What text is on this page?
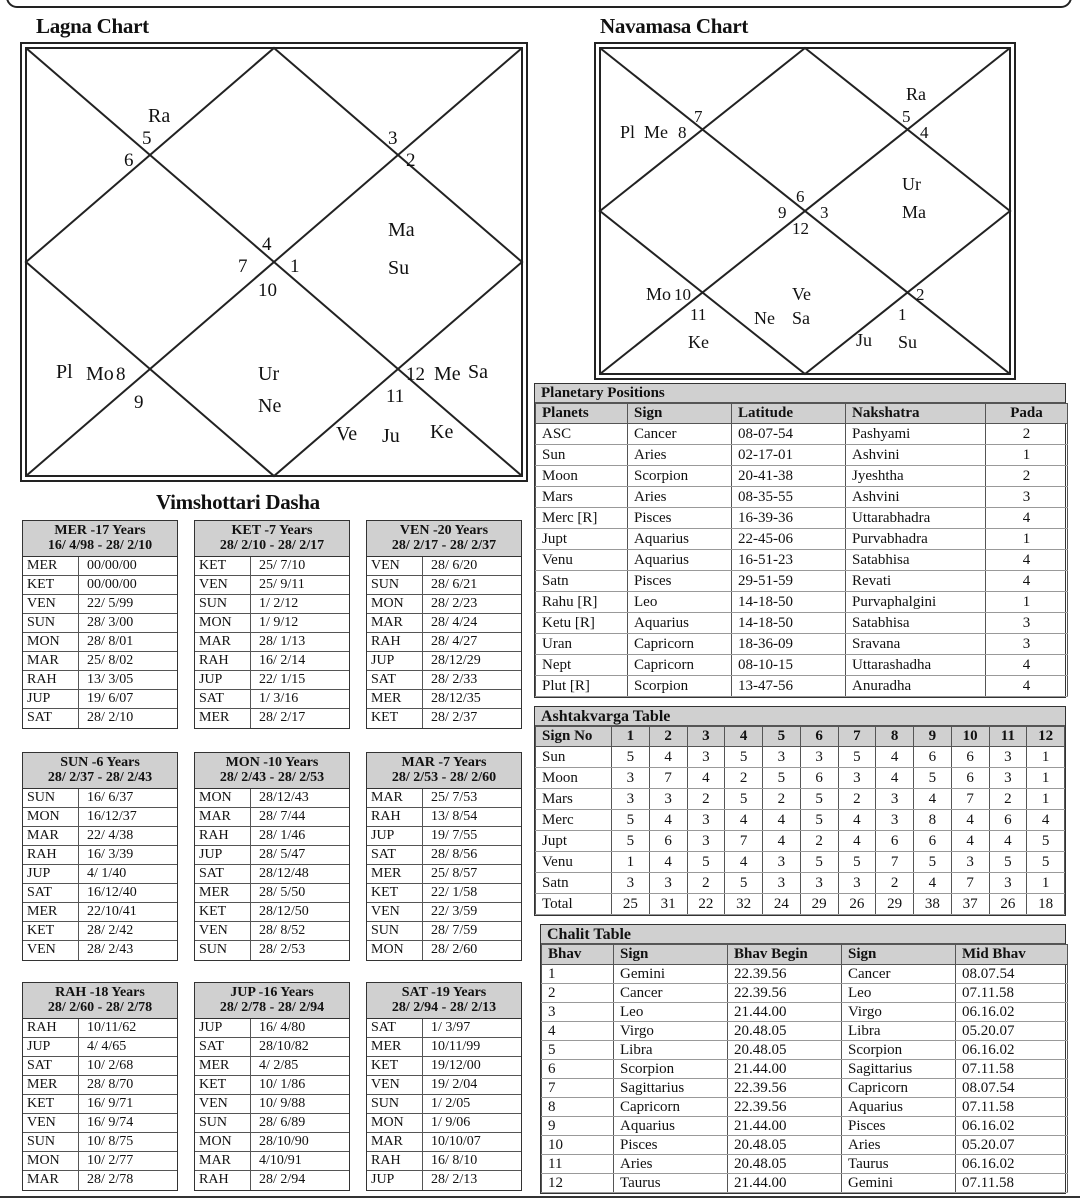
Lagna Chart
Ra
5
6
3
2
Ma
Su
4
7 1
10
Pl Mo 8
9
Ur
Ne
12 Me Sa
11
Ve Ju Ke
Navamasa Chart
Pl Me 8
7
Ra
5
4
Ur
Ma
6
9 3
12
Mo 10
11
Ke
Ve
Ne Sa
2
1
Ju Su
Vimshottari Dasha
MER -17 Years
16/ 4/98 - 28/ 2/10
MER	00/00/00
KET	00/00/00
VEN	22/ 5/99
SUN	28/ 3/00
MON	28/ 8/01
MAR	25/ 8/02
RAH	13/ 3/05
JUP	19/ 6/07
SAT	28/ 2/10
KET -7 Years
28/ 2/10 - 28/ 2/17
KET	25/ 7/10
VEN	25/ 9/11
SUN	1/ 2/12
MON	1/ 9/12
MAR	28/ 1/13
RAH	16/ 2/14
JUP	22/ 1/15
SAT	1/ 3/16
MER	28/ 2/17
VEN -20 Years
28/ 2/17 - 28/ 2/37
VEN	28/ 6/20
SUN	28/ 6/21
MON	28/ 2/23
MAR	28/ 4/24
RAH	28/ 4/27
JUP	28/12/29
SAT	28/ 2/33
MER	28/12/35
KET	28/ 2/37
SUN -6 Years
28/ 2/37 - 28/ 2/43
SUN	16/ 6/37
MON	16/12/37
MAR	22/ 4/38
RAH	16/ 3/39
JUP	4/ 1/40
SAT	16/12/40
MER	22/10/41
KET	28/ 2/42
VEN	28/ 2/43
MON -10 Years
28/ 2/43 - 28/ 2/53
MON	28/12/43
MAR	28/ 7/44
RAH	28/ 1/46
JUP	28/ 5/47
SAT	28/12/48
MER	28/ 5/50
KET	28/12/50
VEN	28/ 8/52
SUN	28/ 2/53
MAR -7 Years
28/ 2/53 - 28/ 2/60
MAR	25/ 7/53
RAH	13/ 8/54
JUP	19/ 7/55
SAT	28/ 8/56
MER	25/ 8/57
KET	22/ 1/58
VEN	22/ 3/59
SUN	28/ 7/59
MON	28/ 2/60
RAH -18 Years
28/ 2/60 - 28/ 2/78
RAH	10/11/62
JUP	4/ 4/65
SAT	10/ 2/68
MER	28/ 8/70
KET	16/ 9/71
VEN	16/ 9/74
SUN	10/ 8/75
MON	10/ 2/77
MAR	28/ 2/78
JUP -16 Years
28/ 2/78 - 28/ 2/94
JUP	16/ 4/80
SAT	28/10/82
MER	4/ 2/85
KET	10/ 1/86
VEN	10/ 9/88
SUN	28/ 6/89
MON	28/10/90
MAR	4/10/91
RAH	28/ 2/94
SAT -19 Years
28/ 2/94 - 28/ 2/13
SAT	1/ 3/97
MER	10/11/99
KET	19/12/00
VEN	19/ 2/04
SUN	1/ 2/05
MON	1/ 9/06
MAR	10/10/07
RAH	16/ 8/10
JUP	28/ 2/13
Planetary Positions
Planets	Sign	Latitude	Nakshatra	Pada
ASC	Cancer	08-07-54	Pashyami	2
Sun	Aries	02-17-01	Ashvini	1
Moon	Scorpion	20-41-38	Jyeshtha	2
Mars	Aries	08-35-55	Ashvini	3
Merc [R]	Pisces	16-39-36	Uttarabhadra	4
Jupt	Aquarius	22-45-06	Purvabhadra	1
Venu	Aquarius	16-51-23	Satabhisa	4
Satn	Pisces	29-51-59	Revati	4
Rahu [R]	Leo	14-18-50	Purvaphalgini	1
Ketu [R]	Aquarius	14-18-50	Satabhisa	3
Uran	Capricorn	18-36-09	Sravana	3
Nept	Capricorn	08-10-15	Uttarashadha	4
Plut [R]	Scorpion	13-47-56	Anuradha	4
Ashtakvarga Table
Sign No	1	2	3	4	5	6	7	8	9	10	11	12
Sun	5	4	3	5	3	3	5	4	6	6	3	1
Moon	3	7	4	2	5	6	3	4	5	6	3	1
Mars	3	3	2	5	2	5	2	3	4	7	2	1
Merc	5	4	3	4	4	5	4	3	8	4	6	4
Jupt	5	6	3	7	4	2	4	6	6	4	4	5
Venu	1	4	5	4	3	5	5	7	5	3	5	5
Satn	3	3	2	5	3	3	3	2	4	7	3	1
Total	25	31	22	32	24	29	26	29	38	37	26	18
Chalit Table
Bhav	Sign	Bhav Begin	Sign	Mid Bhav
1	Gemini	22.39.56	Cancer	08.07.54
2	Cancer	22.39.56	Leo	07.11.58
3	Leo	21.44.00	Virgo	06.16.02
4	Virgo	20.48.05	Libra	05.20.07
5	Libra	20.48.05	Scorpion	06.16.02
6	Scorpion	21.44.00	Sagittarius	07.11.58
7	Sagittarius	22.39.56	Capricorn	08.07.54
8	Capricorn	22.39.56	Aquarius	07.11.58
9	Aquarius	21.44.00	Pisces	06.16.02
10	Pisces	20.48.05	Aries	05.20.07
11	Aries	20.48.05	Taurus	06.16.02
12	Taurus	21.44.00	Gemini	07.11.58
